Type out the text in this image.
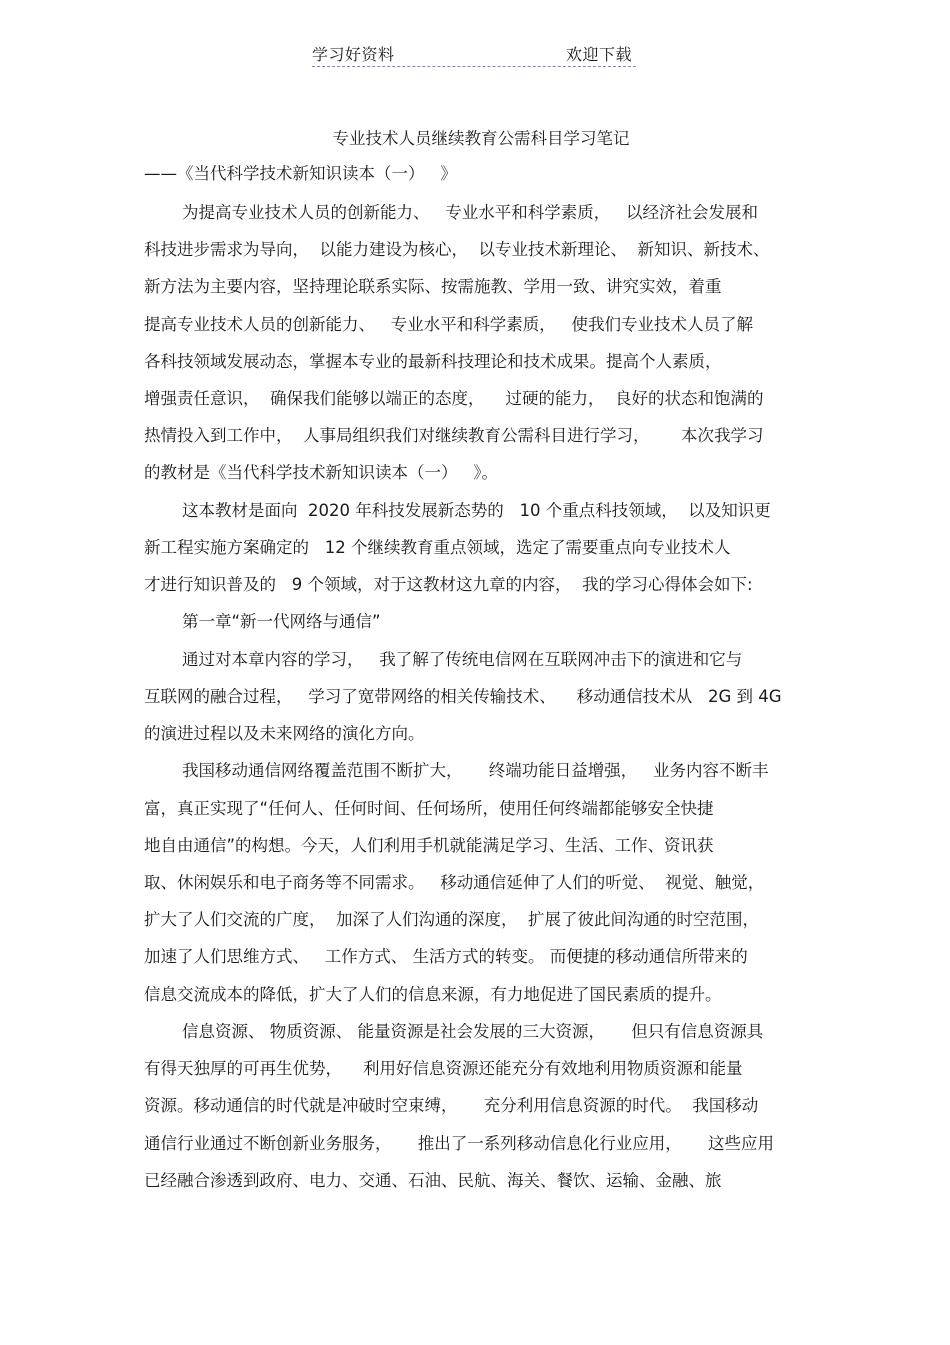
学习好资料	欢迎下载
专业技术人员继续教育公需科目学习笔记
——《当代科学技术新知识读本（一）   》
为提高专业技术人员的创新能力、   专业水平和科学素质，   以经济社会发展和
科技进步需求为导向，  以能力建设为核心，  以专业技术新理论、  新知识、新技术、
新方法为主要内容，坚持理论联系实际、按需施教、学用一致、讲究实效，着重
提高专业技术人员的创新能力、   专业水平和科学素质，   使我们专业技术人员了解
各科技领域发展动态，掌握本专业的最新科技理论和技术成果。提高个人素质，
增强责任意识，  确保我们能够以端正的态度，    过硬的能力，  良好的状态和饱满的
热情投入到工作中，  人事局组织我们对继续教育公需科目进行学习，      本次我学习
的教材是《当代科学技术新知识读本（一）   》。
这本教材是面向  2020 年科技发展新态势的   10 个重点科技领域，  以及知识更
新工程实施方案确定的   12 个继续教育重点领域，选定了需要重点向专业技术人
才进行知识普及的   9 个领域，对于这教材这九章的内容，  我的学习心得体会如下:
第一章“新一代网络与通信”
通过对本章内容的学习，   我了解了传统电信网在互联网冲击下的演进和它与
互联网的融合过程，   学习了宽带网络的相关传输技术、    移动通信技术从   2G 到 4G
的演进过程以及未来网络的演化方向。
我国移动通信网络覆盖范围不断扩大，     终端功能日益增强，   业务内容不断丰
富，真正实现了“任何人、任何时间、任何场所，使用任何终端都能够安全快捷
地自由通信”的构想。今天，人们利用手机就能满足学习、生活、工作、资讯获
取、休闲娱乐和电子商务等不同需求。   移动通信延伸了人们的听觉、  视觉、触觉，
扩大了人们交流的广度，  加深了人们沟通的深度，  扩展了彼此间沟通的时空范围，
加速了人们思维方式、   工作方式、 生活方式的转变。 而便捷的移动通信所带来的
信息交流成本的降低，扩大了人们的信息来源，有力地促进了国民素质的提升。
信息资源、 物质资源、 能量资源是社会发展的三大资源，     但只有信息资源具
有得天独厚的可再生优势，    利用好信息资源还能充分有效地利用物质资源和能量
资源。移动通信的时代就是冲破时空束缚，     充分利用信息资源的时代。  我国移动
通信行业通过不断创新业务服务，     推出了一系列移动信息化行业应用，     这些应用
已经融合渗透到政府、电力、交通、石油、民航、海关、餐饮、运输、金融、旅
